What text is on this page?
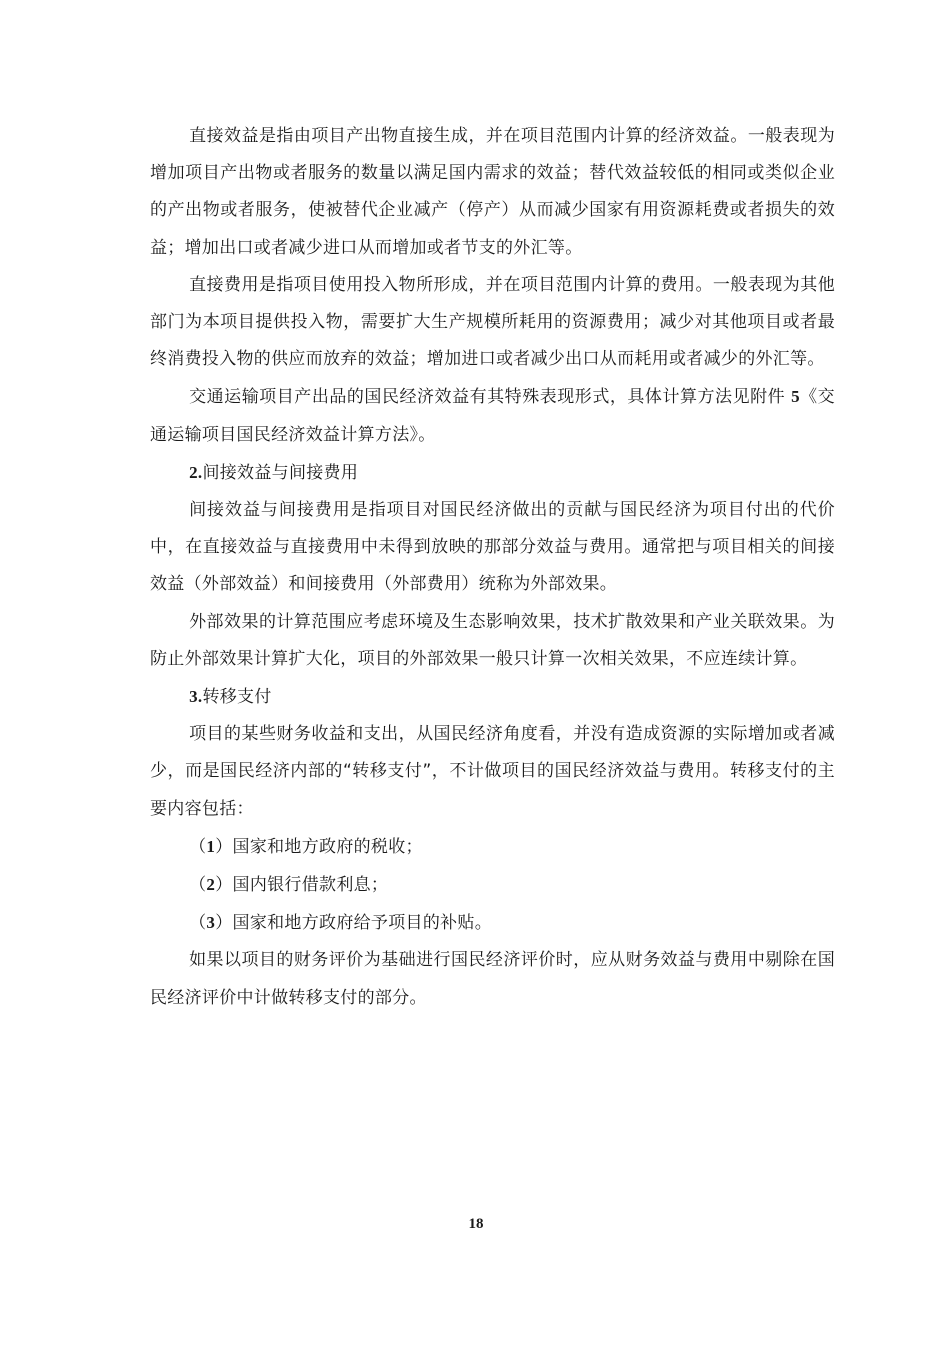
直接效益是指由项目产出物直接生成，并在项目范围内计算的经济效益。一般表现为增加项目产出物或者服务的数量以满足国内需求的效益；替代效益较低的相同或类似企业的产出物或者服务，使被替代企业减产（停产）从而减少国家有用资源耗费或者损失的效益；增加出口或者减少进口从而增加或者节支的外汇等。

直接费用是指项目使用投入物所形成，并在项目范围内计算的费用。一般表现为其他部门为本项目提供投入物，需要扩大生产规模所耗用的资源费用；减少对其他项目或者最终消费投入物的供应而放弃的效益；增加进口或者减少出口从而耗用或者减少的外汇等。

交通运输项目产出品的国民经济效益有其特殊表现形式，具体计算方法见附件 5《交通运输项目国民经济效益计算方法》。

2.间接效益与间接费用

间接效益与间接费用是指项目对国民经济做出的贡献与国民经济为项目付出的代价中，在直接效益与直接费用中未得到放映的那部分效益与费用。通常把与项目相关的间接效益（外部效益）和间接费用（外部费用）统称为外部效果。

外部效果的计算范围应考虑环境及生态影响效果，技术扩散效果和产业关联效果。为防止外部效果计算扩大化，项目的外部效果一般只计算一次相关效果，不应连续计算。

3.转移支付

项目的某些财务收益和支出，从国民经济角度看，并没有造成资源的实际增加或者减少，而是国民经济内部的“转移支付”，不计做项目的国民经济效益与费用。转移支付的主要内容包括：

（1）国家和地方政府的税收；

（2）国内银行借款利息；

（3）国家和地方政府给予项目的补贴。

如果以项目的财务评价为基础进行国民经济评价时，应从财务效益与费用中剔除在国民经济评价中计做转移支付的部分。

18
